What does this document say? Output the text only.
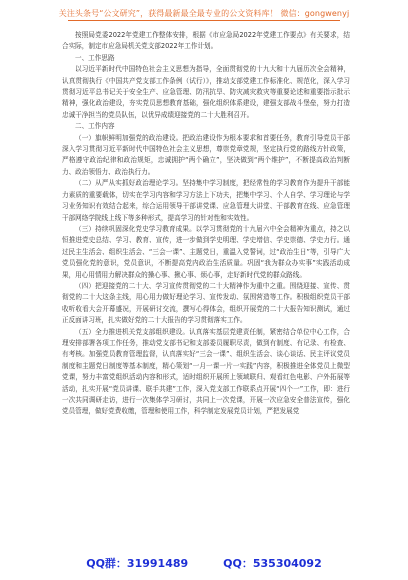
关注头条号“公文研究”，获得最新最全最专业的公文资料库！ 微信：gongwenyj

按照局党委2022年党建工作整体安排，根据《市应急局2022年党建工作要点》有关要求，结合实际，制定市应急局机关党支部2022年工作计划。

一、工作思路

以习近平新时代中国特色社会主义思想为指导，全面贯彻党的十九大和十九届历次全会精神，认真贯彻执行《中国共产党支部工作条例（试行）》，推动支部党建工作标准化、规范化，深入学习贯彻习近平总书记关于安全生产、应急管理、防汛抗旱、防灾减灾救灾等重要论述和重要指示批示精神，强化政治建设，夯实党员思想教育基础，强化组织体系建设，建强支部战斗堡垒，努力打造忠诚干净担当的党员队伍，以优异成绩迎接党的二十大胜利召开。

二、工作内容

（一）旗帜鲜明加强党的政治建设。把政治建设作为根本要求和首要任务，教育引导党员干部深入学习贯彻习近平新时代中国特色社会主义思想，尊崇党章党规，坚定执行党的路线方针政策，严格遵守政治纪律和政治规矩，忠诚拥护“两个确立”，坚决做到“两个维护”，不断提高政治判断力、政治领悟力、政治执行力。

（二）从严从实抓好政治理论学习。坚持集中学习制度，把经常性的学习教育作为提升干部能力素质的重要载体，切实在学习内容和学习方法上下功夫，把集中学习、个人自学、学习理论与学习业务知识有效结合起来，综合运用领导干部讲党课、应急管理大讲堂、干部教育在线、应急管理干部网络学院线上线下等多种形式，提高学习的针对性和实效性。

（三）持续巩固深化党史学习教育成果。以学习贯彻党的十九届六中全会精神为重点，持之以恒推进党史总结、学习、教育、宣传，进一步做到学史明理、学史增信、学史崇德、学史力行。通过民主生活会、组织生活会、“三会一课”、主题党日，重温入党誓词，过“政治生日”等，引导广大党员强化党的意识，党员意识，不断提高党内政治生活质量。巩固“我为群众办实事”实践活动成果，用心用情用力解决群众的操心事、揪心事、烦心事，走好新时代党的群众路线。

（四）把迎接党的二十大、学习宣传贯彻党的二十大精神作为重中之重。围绕迎接、宣传、贯彻党的二十大这条主线，用心用力做好理论学习、宣传发动、氛围营造等工作。积极组织党员干部收听收看大会开幕盛况，开展研讨交流，撰写心得体会，组织开展党的二十大报告知识测试，通过正反面讲习班，扎实做好党的二十大报告的学习贯彻落实工作。

（五）全力推进机关党支部组织建设。认真落实基层党建责任制，紧密结合单位中心工作，合理安排部署各项工作任务，推动党支部书记和支部委员履职尽责，做到有制度、有记录、有检查、有考核。加强党员教育管理监督，认真落实好“三会一课”、组织生活会、谈心谈话、民主评议党员制度和主题党日制度等基本制度，精心策划“一月一课一片一实践”内容，积极推进全体党员上微型党课，努力丰富党组织活动内容和形式，适时组织开展所上领域联归、观看红色电影、户外拓展等活动，扎实开展“党员讲课、联手共建”工作，深入党支部工作联系点开展“四个一”工作，即：进行一次共同调研走访，进行一次集体学习研讨，共同上一次党课，开展一次应急安全普法宣传，强化党员管理，做好党费收缴，管理和使用工作，科学制定发展党员计划，严把发展党

QQ群：31991489	QQ：535304092
